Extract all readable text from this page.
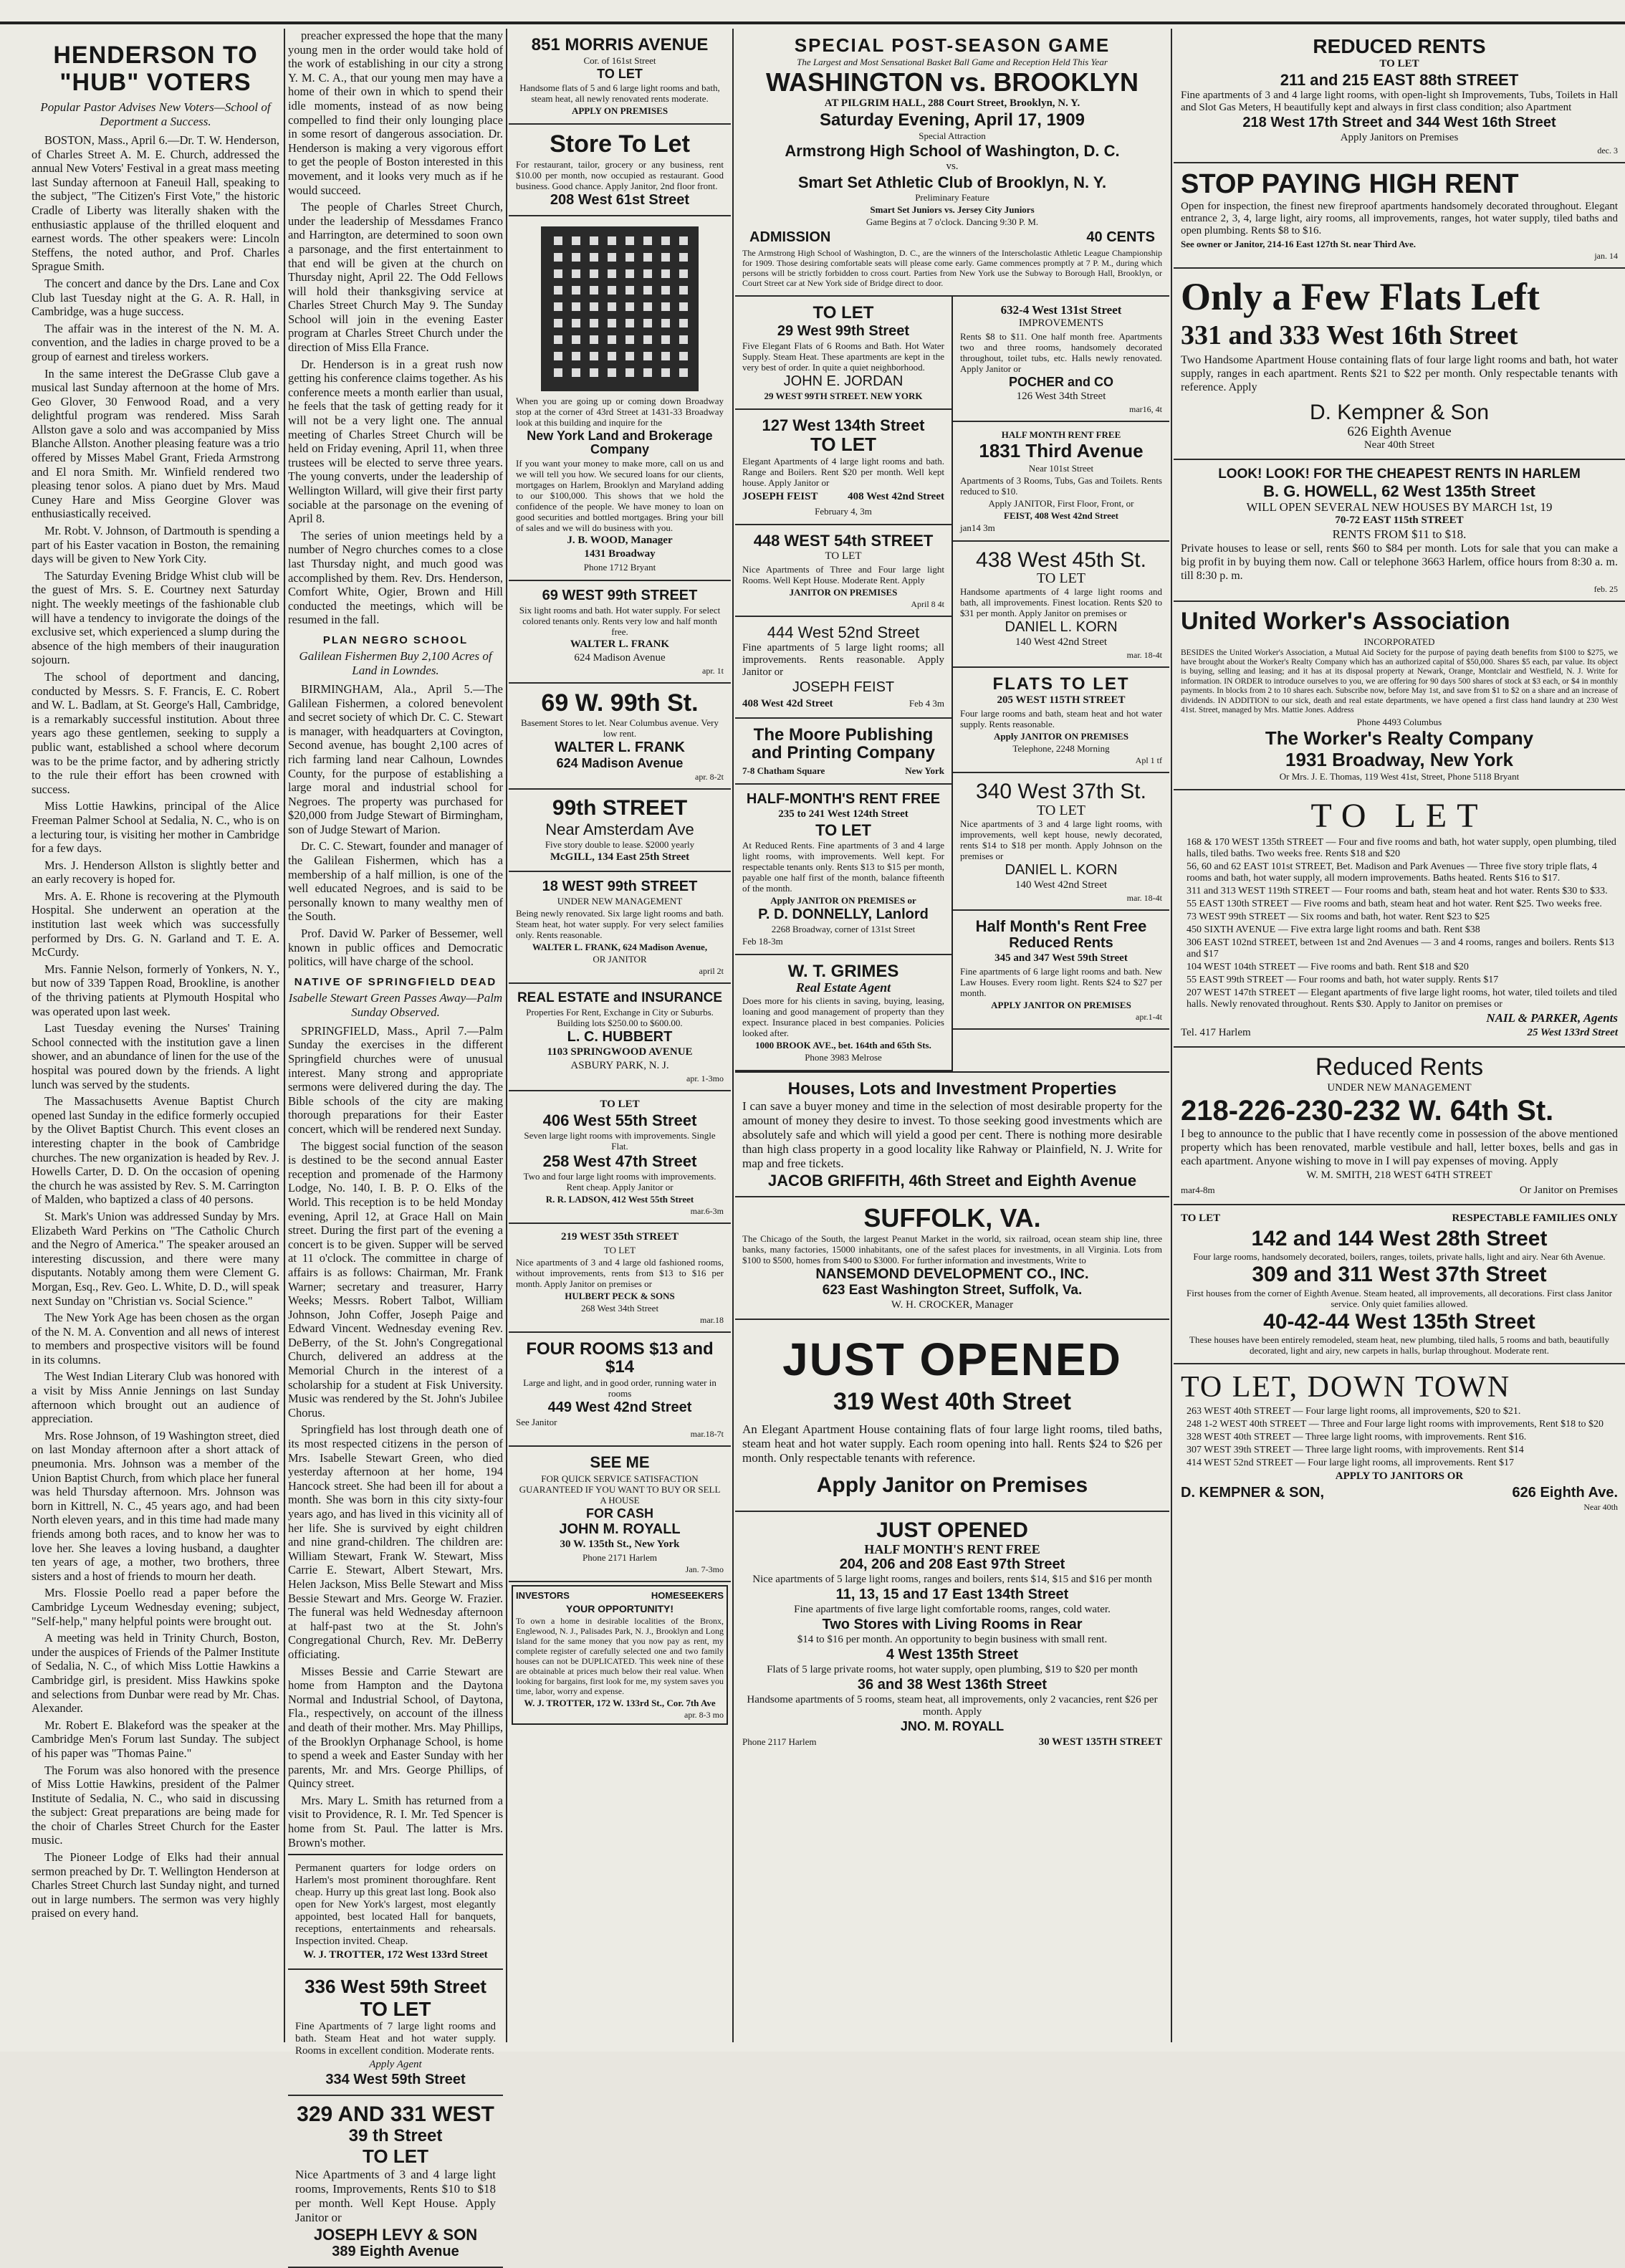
HENDERSON TO
"HUB" VOTERS
Popular Pastor Advises New Voters—School of Deportment a Success.

BOSTON, Mass., April 6.—Dr. T. W. Henderson, of Charles Street A. M. E. Church, addressed the annual New Voters' Festival in a great mass meeting last Sunday afternoon at Faneuil Hall, speaking to the subject, "The Citizen's First Vote," the historic Cradle of Liberty was literally shaken with the enthusiastic applause of the thrilled eloquent and earnest words. The other speakers were: Lincoln Steffens, the noted author, and Prof. Charles Sprague Smith.

The concert and dance by the Drs. Lane and Cox Club last Tuesday night at the G. A. R. Hall, in Cambridge, was a huge success.

The affair was in the interest of the N. M. A. convention, and the ladies in charge proved to be a group of earnest and tireless workers.

In the same interest the DeGrasse Club gave a musical last Sunday afternoon at the home of Mrs. Geo Glover, 30 Fenwood Road, and a very delightful program was rendered. Miss Sarah Allston gave a solo and was accompanied by Miss Blanche Allston. Another pleasing feature was a trio offered by Misses Mabel Grant, Frieda Armstrong and El nora Smith. Mr. Winfield rendered two pleasing tenor solos. A piano duet by Mrs. Maud Cuney Hare and Miss Georgine Glover was enthusiastically received.

Mr. Robt. V. Johnson, of Dartmouth is spending a part of his Easter vacation in Boston, the remaining days will be given to New York City.

The Saturday Evening Bridge Whist club will be the guest of Mrs. S. E. Courtney next Saturday night. The weekly meetings of the fashionable club will have a tendency to invigorate the doings of the exclusive set, which experienced a slump during the absence of the high members of their inauguration sojourn.

The school of deportment and dancing, conducted by Messrs. S. F. Francis, E. C. Robert and W. L. Badlam, at St. George's Hall, Cambridge, is a remarkably successful institution. About three years ago these gentlemen, seeking to supply a public want, established a school where decorum was to be the prime factor, and by adhering strictly to the rule their effort has been crowned with success.

Miss Lottie Hawkins, principal of the Alice Freeman Palmer School at Sedalia, N. C., who is on a lecturing tour, is visiting her mother in Cambridge for a few days.

Mrs. J. Henderson Allston is slightly better and an early recovery is hoped for.

Mrs. A. E. Rhone is recovering at the Plymouth Hospital. She underwent an operation at the institution last week which was successfully performed by Drs. G. N. Garland and T. E. A. McCurdy.

Mrs. Fannie Nelson, formerly of Yonkers, N. Y., but now of 339 Tappen Road, Brookline, is another of the thriving patients at Plymouth Hospital who was operated upon last week.

Last Tuesday evening the Nurses' Training School connected with the institution gave a linen shower, and an abundance of linen for the use of the hospital was poured down by the friends. A light lunch was served by the students.

The Massachusetts Avenue Baptist Church opened last Sunday in the edifice formerly occupied by the Olivet Baptist Church. This event closes an interesting chapter in the book of Cambridge churches. The new organization is headed by Rev. J. Howells Carter, D. D. On the occasion of opening the church he was assisted by Rev. S. M. Carrington of Malden, who baptized a class of 40 persons.

St. Mark's Union was addressed Sunday by Mrs. Elizabeth Ward Perkins on "The Catholic Church and the Negro of America." The speaker aroused an interesting discussion, and there were many disputants. Notably among them were Clement G. Morgan, Esq., Rev. Geo. L. White, D. D., will speak next Sunday on "Christian vs. Social Science."

The New York Age has been chosen as the organ of the N. M. A. Convention and all news of interest to members and prospective visitors will be found in its columns.

The West Indian Literary Club was honored with a visit by Miss Annie Jennings on last Sunday afternoon which brought out an audience of appreciation.

Mrs. Rose Johnson, of 19 Washington street, died on last Monday afternoon after a short attack of pneumonia. Mrs. Johnson was a member of the Union Baptist Church, from which place her funeral was held Thursday afternoon. Mrs. Johnson was born in Kittrell, N. C., 45 years ago, and had been North eleven years, and in this time had made many friends among both races, and to know her was to love her. She leaves a loving husband, a daughter ten years of age, a mother, two brothers, three sisters and a host of friends to mourn her death.

Mrs. Flossie Poello read a paper before the Cambridge Lyceum Wednesday evening; subject, "Self-help," many helpful points were brought out.

A meeting was held in Trinity Church, Boston, under the auspices of Friends of the Palmer Institute of Sedalia, N. C., of which Miss Lottie Hawkins a Cambridge girl, is president. Miss Hawkins spoke and selections from Dunbar were read by Mr. Chas. Alexander.

Mr. Robert E. Blakeford was the speaker at the Cambridge Men's Forum last Sunday. The subject of his paper was "Thomas Paine."

The Forum was also honored with the presence of Miss Lottie Hawkins, president of the Palmer Institute of Sedalia, N. C., who said in discussing the subject: Great preparations are being made for the choir of Charles Street Church for the Easter music.

The Pioneer Lodge of Elks had their annual sermon preached by Dr. T. Wellington Henderson at Charles Street Church last Sunday night, and turned out in large numbers. The sermon was very highly praised on every hand.

preacher expressed the hope that the many young men in the order would take hold of the work of establishing in our city a strong Y. M. C. A., that our young men may have a home of their own in which to spend their idle moments, instead of as now being compelled to find their only lounging place in some resort of dangerous association. Dr. Henderson is making a very vigorous effort to get the people of Boston interested in this movement, and it looks very much as if he would succeed.

The people of Charles Street Church, under the leadership of Messdames Franco and Harrington, are determined to soon own a parsonage, and the first entertainment to that end will be given at the church on Thursday night, April 22. The Odd Fellows will hold their thanksgiving service at Charles Street Church May 9. The Sunday School will join in the evening Easter program at Charles Street Church under the direction of Miss Ella France.

Dr. Henderson is in a great rush now getting his conference claims together. As his conference meets a month earlier than usual, he feels that the task of getting ready for it will not be a very light one. The annual meeting of Charles Street Church will be held on Friday evening, April 11, when three trustees will be elected to serve three years. The young converts, under the leadership of Wellington Willard, will give their first party sociable at the parsonage on the evening of April 8.

The series of union meetings held by a number of Negro churches comes to a close last Thursday night, and much good was accomplished by them. Rev. Drs. Henderson, Comfort White, Ogier, Brown and Hill conducted the meetings, which will be resumed in the fall.

PLAN NEGRO SCHOOL
Galilean Fishermen Buy 2,100 Acres of Land in Lowndes.

BIRMINGHAM, Ala., April 5.—The Galilean Fishermen, a colored benevolent and secret society of which Dr. C. C. Stewart is manager, with headquarters at Covington, Second avenue, has bought 2,100 acres of rich farming land near Calhoun, Lowndes County, for the purpose of establishing a large moral and industrial school for Negroes. The property was purchased for $20,000 from Judge Stewart of Birmingham, son of Judge Stewart of Marion.

Dr. C. C. Stewart, founder and manager of the Galilean Fishermen, which has a membership of a half million, is one of the well educated Negroes, and is said to be personally known to many wealthy men of the South.

Prof. David W. Parker of Bessemer, well known in public offices and Democratic politics, will have charge of the school.

NATIVE OF SPRINGFIELD DEAD
Isabelle Stewart Green Passes Away—Palm Sunday Observed.

SPRINGFIELD, Mass., April 7.—Palm Sunday the exercises in the different Springfield churches were of unusual interest. Many strong and appropriate sermons were delivered during the day. The Bible schools of the city are making thorough preparations for their Easter concert, which will be rendered next Sunday.

The biggest social function of the season is destined to be the second annual Easter reception and promenade of the Harmony Lodge, No. 140, I. B. P. O. Elks of the World. This reception is to be held Monday evening, April 12, at Grace Hall on Main street. During the first part of the evening a concert is to be given. Supper will be served at 11 o'clock. The committee in charge of affairs is as follows: Chairman, Mr. Frank Warner; secretary and treasurer, Harry Weeks; Messrs. Robert Talbot, William Johnson, John Coffer, Joseph Paige and Edward Vincent. Wednesday evening Rev. DeBerry, of the St. John's Congregational Church, delivered an address at the Memorial Church in the interest of a scholarship for a student at Fisk University. Music was rendered by the St. John's Jubilee Chorus.

Springfield has lost through death one of its most respected citizens in the person of Mrs. Isabelle Stewart Green, who died yesterday afternoon at her home, 194 Hancock street. She had been ill for about a month. She was born in this city sixty-four years ago, and has lived in this vicinity all of her life. She is survived by eight children and nine grand-children. The children are: William Stewart, Frank W. Stewart, Miss Carrie E. Stewart, Albert Stewart, Mrs. Helen Jackson, Miss Belle Stewart and Miss Bessie Stewart and Mrs. George W. Frazier. The funeral was held Wednesday afternoon at half-past two at the St. John's Congregational Church, Rev. Mr. DeBerry officiating.

Misses Bessie and Carrie Stewart are home from Hampton and the Daytona Normal and Industrial School, of Daytona, Fla., respectively, on account of the illness and death of their mother. Mrs. May Phillips, of the Brooklyn Orphanage School, is home to spend a week and Easter Sunday with her parents, Mr. and Mrs. George Phillips, of Quincy street.

Mrs. Mary L. Smith has returned from a visit to Providence, R. I. Mr. Ted Spencer is home from St. Paul. The latter is Mrs. Brown's mother.

Permanent quarters for lodge orders on Harlem's most prominent thoroughfare. Rent cheap. Hurry up this great last long. Book also open for New York's largest, most elegantly appointed, best located Hall for banquets, receptions, entertainments and rehearsals. Inspection invited. Cheap.
W. J. TROTTER, 172 West 133rd Street
336 West 59th Street
TO LET
Fine Apartments of 7 large light rooms and bath. Steam Heat and hot water supply. Rooms in excellent condition. Moderate rents.
Apply Agent
334 West 59th Street
329 AND 331 WEST
39 th Street
TO LET
Nice Apartments of 3 and 4 large light rooms, Improvements, Rents $10 to $18 per month. Well Kept House. Apply Janitor or
JOSEPH LEVY & SON
389 Eighth Avenue
851 MORRIS AVENUE
Cor. of 161st Street
TO LET
Handsome flats of 5 and 6 large light rooms and bath, steam heat, all newly renovated rents moderate.
APPLY ON PREMISES
Store To Let
For restaurant, tailor, grocery or any business, rent $10.00 per month, now occupied as restaurant. Good business. Good chance. Apply Janitor, 2nd floor front.
208 West 61st Street
When you are going up or coming down Broadway stop at the corner of 43rd Street at 1431-33 Broadway look at this building and inquire for the
New York Land and Brokerage Company
If you want your money to make more, call on us and we will tell you how. We secured loans for our clients, mortgages on Harlem, Brooklyn and Maryland adding to our $100,000. This shows that we hold the confidence of the people. We have money to loan on good securities and bottled mortgages. Bring your bill of sales and we will do business with you.
J. B. WOOD, Manager
1431 Broadway
Phone 1712 Bryant
69 WEST 99th STREET
Six light rooms and bath. Hot water supply. For select colored tenants only. Rents very low and half month free.
WALTER L. FRANK
624 Madison Avenue
apr. 1t
69 W. 99th St.
Basement Stores to let. Near Columbus avenue. Very low rent.
WALTER L. FRANK
624 Madison Avenue
apr. 8-2t
99th STREET
Near Amsterdam Ave
Five story double to lease. $2000 yearly
McGILL, 134 East 25th Street
18 WEST 99th STREET
UNDER NEW MANAGEMENT
Being newly renovated. Six large light rooms and bath. Steam heat, hot water supply. For very select families only. Rents reasonable.
WALTER L. FRANK, 624 Madison Avenue,
OR JANITOR
april 2t
REAL ESTATE and INSURANCE
Properties For Rent, Exchange in City or Suburbs. Building lots $250.00 to $600.00.
L. C. HUBBERT
1103 SPRINGWOOD AVENUE
ASBURY PARK, N. J.
apr. 1-3mo
TO LET
406 West 55th Street
Seven large light rooms with improvements. Single Flat.
258 West 47th Street
Two and four large light rooms with improvements. Rent cheap. Apply Janitor or
R. R. LADSON, 412 West 55th Street
mar.6-3m
219 WEST 35th STREET
TO LET
Nice apartments of 3 and 4 large old fashioned rooms, without improvements, rents from $13 to $16 per month. Apply Janitor on premises or
HULBERT PECK & SONS
268 West 34th Street
mar.18
FOUR ROOMS $13 and $14
Large and light, and in good order, running water in rooms
449 West 42nd Street
See Janitor
mar.18-7t
SEE ME
FOR QUICK SERVICE SATISFACTION GUARANTEED IF YOU WANT TO BUY OR SELL A HOUSE
FOR CASH
JOHN M. ROYALL
30 W. 135th St., New York
Phone 2171 Harlem
Jan. 7-3mo
INVESTORS	HOMESEEKERS
YOUR OPPORTUNITY!
To own a home in desirable localities of the Bronx, Englewood, N. J., Palisades Park, N. J., Brooklyn and Long Island for the same money that you now pay as rent, my complete register of carefully selected one and two family houses can not be DUPLICATED. This week nine of these are obtainable at prices much below their real value. When looking for bargains, first look for me, my system saves you time, labor, worry and expense.
W. J. TROTTER, 172 W. 133rd St., Cor. 7th Ave
apr. 8-3 mo
SPECIAL POST-SEASON GAME
The Largest and Most Sensational Basket Ball Game and Reception Held This Year
WASHINGTON vs. BROOKLYN
AT PILGRIM HALL, 288 Court Street, Brooklyn, N. Y.
Saturday Evening, April 17, 1909
Special Attraction
Armstrong High School of Washington, D. C.
vs.
Smart Set Athletic Club of Brooklyn, N. Y.
Preliminary Feature
Smart Set Juniors vs. Jersey City Juniors
Game Begins at 7 o'clock. Dancing 9:30 P. M.
ADMISSION	40 CENTS
The Armstrong High School of Washington, D. C., are the winners of the Interscholastic Athletic League Championship for 1909. Those desiring comfortable seats will please come early. Game commences promptly at 7 P. M., during which persons will be strictly forbidden to cross court. Parties from New York use the Subway to Borough Hall, Brooklyn, or Court Street car at New York side of Bridge direct to door.
TO LET
29 West 99th Street
Five Elegant Flats of 6 Rooms and Bath. Hot Water Supply. Steam Heat. These apartments are kept in the very best of order. In quite a quiet neighborhood.
JOHN E. JORDAN
29 WEST 99TH STREET. NEW YORK
127 West 134th Street
TO LET
Elegant Apartments of 4 large light rooms and bath. Range and Boilers. Rent $20 per month. Well kept house. Apply Janitor or
JOSEPH FEIST	408 West 42nd Street
February 4, 3m
448 WEST 54th STREET
TO LET
Nice Apartments of Three and Four large light Rooms. Well Kept House. Moderate Rent. Apply
JANITOR ON PREMISES
April 8 4t
444 West 52nd Street
Fine apartments of 5 large light rooms; all improvements. Rents reasonable. Apply Janitor or
JOSEPH FEIST
408 West 42d Street	Feb 4 3m
The Moore Publishing and Printing Company
7-8 Chatham Square	New York
HALF-MONTH'S RENT FREE
235 to 241 West 124th Street
TO LET
At Reduced Rents. Fine apartments of 3 and 4 large light rooms, with improvements. Well kept. For respectable tenants only. Rents $13 to $15 per month, payable one half first of the month, balance fifteenth of the month.
Apply JANITOR ON PREMISES or
P. D. DONNELLY, Lanlord
2268 Broadway, corner of 131st Street
Feb 18-3m
W. T. GRIMES
Real Estate Agent
Does more for his clients in saving, buying, leasing, loaning and good management of property than they expect. Insurance placed in best companies. Policies looked after.
1000 BROOK AVE., bet. 164th and 65th Sts.
Phone 3983 Melrose
632-4 West 131st Street
IMPROVEMENTS
Rents $8 to $11. One half month free. Apartments two and three rooms, handsomely decorated throughout, toilet tubs, etc. Halls newly renovated. Apply Janitor or
POCHER and CO
126 West 34th Street
mar16, 4t
HALF MONTH RENT FREE
1831 Third Avenue
Near 101st Street
Apartments of 3 Rooms, Tubs, Gas and Toilets. Rents reduced to $10.
Apply JANITOR, First Floor, Front, or
FEIST, 408 West 42nd Street
jan14 3m
438 West 45th St.
TO LET
Handsome apartments of 4 large light rooms and bath, all improvements. Finest location. Rents $20 to $31 per month. Apply Janitor on premises or
DANIEL L. KORN
140 West 42nd Street
mar. 18-4t
FLATS TO LET
205 WEST 115TH STREET
Four large rooms and bath, steam heat and hot water supply. Rents reasonable.
Apply JANITOR ON PREMISES
Telephone, 2248 Morning
Apl 1 tf
340 West 37th St.
TO LET
Nice apartments of 3 and 4 large light rooms, with improvements, well kept house, newly decorated, rents $14 to $18 per month. Apply Johnson on the premises or
DANIEL L. KORN
140 West 42nd Street
mar. 18-4t
Half Month's Rent Free
Reduced Rents
345 and 347 West 59th Street
Fine apartments of 6 large light rooms and bath. New Law Houses. Every room light. Rents $24 to $27 per month.
APPLY JANITOR ON PREMISES
apr.1-4t
Houses, Lots and Investment Properties
I can save a buyer money and time in the selection of most desirable property for the amount of money they desire to invest. To those seeking good investments which are absolutely safe and which will yield a good per cent. There is nothing more desirable than high class property in a good locality like Rahway or Plainfield, N. J. Write for map and free tickets.
JACOB GRIFFITH, 46th Street and Eighth Avenue
SUFFOLK, VA.
The Chicago of the South, the largest Peanut Market in the world, six railroad, ocean steam ship line, three banks, many factories, 15000 inhabitants, one of the safest places for investments, in all Virginia. Lots from $100 to $500, homes from $400 to $3000. For further information and investments, Write to
NANSEMOND DEVELOPMENT CO., INC.
623 East Washington Street, Suffolk, Va.
W. H. CROCKER, Manager
JUST OPENED
319 West 40th Street
An Elegant Apartment House containing flats of four large light rooms, tiled baths, steam heat and hot water supply. Each room opening into hall. Rents $24 to $26 per month. Only respectable tenants with reference.
Apply Janitor on Premises
JUST OPENED
HALF MONTH'S RENT FREE
204, 206 and 208 East 97th Street
Nice apartments of 5 large light rooms, ranges and boilers, rents $14, $15 and $16 per month
11, 13, 15 and 17 East 134th Street
Fine apartments of five large light comfortable rooms, ranges, cold water.
Two Stores with Living Rooms in Rear
$14 to $16 per month. An opportunity to begin business with small rent.
4 West 135th Street
Flats of 5 large private rooms, hot water supply, open plumbing, $19 to $20 per month
36 and 38 West 136th Street
Handsome apartments of 5 rooms, steam heat, all improvements, only 2 vacancies, rent $26 per month. Apply
JNO. M. ROYALL
Phone 2117 Harlem	30 WEST 135TH STREET
REDUCED RENTS
TO LET
211 and 215 EAST 88th STREET
Fine apartments of 3 and 4 large light rooms, with open-light sh Improvements, Tubs, Toilets in Hall and Slot Gas Meters, H beautifully kept and always in first class condition; also Apartment
218 West 17th Street and 344 West 16th Street
Apply Janitors on Premises
dec. 3
STOP PAYING HIGH RENT
Open for inspection, the finest new fireproof apartments handsomely decorated throughout. Elegant entrance 2, 3, 4, large light, airy rooms, all improvements, ranges, hot water supply, tiled baths and open plumbing. Rents $8 to $16.
See owner or Janitor, 214-16 East 127th St. near Third Ave.
jan. 14
Only a Few Flats Left
331 and 333 West 16th Street
Two Handsome Apartment House containing flats of four large light rooms and bath, hot water supply, ranges in each apartment. Rents $21 to $22 per month. Only respectable tenants with reference. Apply
D. Kempner & Son
626 Eighth Avenue
Near 40th Street
LOOK! LOOK! FOR THE CHEAPEST RENTS IN HARLEM
B. G. HOWELL, 62 West 135th Street
WILL OPEN SEVERAL NEW HOUSES BY MARCH 1st, 19
70-72 EAST 115th STREET
RENTS FROM $11 to $18.
Private houses to lease or sell, rents $60 to $84 per month. Lots for sale that you can make a big profit in by buying them now. Call or telephone 3663 Harlem, office hours from 8:30 a. m. till 8:30 p. m.
feb. 25
United Worker's Association
INCORPORATED
BESIDES the United Worker's Association, a Mutual Aid Society for the purpose of paying death benefits from $100 to $275, we have brought about the Worker's Realty Company which has an authorized capital of $50,000. Shares $5 each, par value. Its object is buying, selling and leasing; and it has at its disposal property at Newark, Orange, Montclair and Westfield, N. J. Write for information. IN ORDER to introduce ourselves to you, we are offering for 90 days 500 shares of stock at $3 each, or $4 in monthly payments. In blocks from 2 to 10 shares each. Subscribe now, before May 1st, and save from $1 to $2 on a share and an increase of dividends. IN ADDITION to our sick, death and real estate departments, we have opened a first class hand laundry at 230 West 41st. Street, managed by Mrs. Mattie Jones. Address
Phone 4493 Columbus
The Worker's Realty Company
1931 Broadway, New York
Or Mrs. J. E. Thomas, 119 West 41st, Street, Phone 5118 Bryant
TO LET
168 & 170 WEST 135th STREET — Four and five rooms and bath, hot water supply, open plumbing, tiled halls, tiled baths. Two weeks free. Rents $18 and $20
56, 60 and 62 EAST 101st STREET, Bet. Madison and Park Avenues — Three five story triple flats, 4 rooms and bath, hot water supply, all modern improvements. Baths heated. Rents $16 to $17.
311 and 313 WEST 119th STREET — Four rooms and bath, steam heat and hot water. Rents $30 to $33.
55 EAST 130th STREET — Five rooms and bath, steam heat and hot water. Rent $25. Two weeks free.
73 WEST 99th STREET — Six rooms and bath, hot water. Rent $23 to $25
450 SIXTH AVENUE — Five extra large light rooms and bath. Rent $38
306 EAST 102nd STREET, between 1st and 2nd Avenues — 3 and 4 rooms, ranges and boilers. Rents $13 and $17
104 WEST 104th STREET — Five rooms and bath. Rent $18 and $20
55 EAST 99th STREET — Four rooms and bath, hot water supply. Rents $17
207 WEST 147th STREET — Elegant apartments of five large light rooms, hot water, tiled toilets and tiled halls. Newly renovated throughout. Rents $30. Apply to Janitor on premises or
NAIL & PARKER, Agents
Tel. 417 Harlem	25 West 133rd Street
Reduced Rents
UNDER NEW MANAGEMENT
218-226-230-232 W. 64th St.
I beg to announce to the public that I have recently come in possession of the above mentioned property which has been renovated, marble vestibule and hall, letter boxes, bells and gas in each apartment. Anyone wishing to move in I will pay expenses of moving. Apply
W. M. SMITH, 218 WEST 64TH STREET
mar4-8m	Or Janitor on Premises
TO LET	RESPECTABLE FAMILIES ONLY
142 and 144 West 28th Street
Four large rooms, handsomely decorated, boilers, ranges, toilets, private halls, light and airy. Near 6th Avenue.
309 and 311 West 37th Street
First houses from the corner of Eighth Avenue. Steam heated, all improvements, all decorations. First class Janitor service. Only quiet families allowed.
40-42-44 West 135th Street
These houses have been entirely remodeled, steam heat, new plumbing, tiled halls, 5 rooms and bath, beautifully decorated, light and airy, new carpets in halls, burlap throughout. Moderate rent.
TO LET, DOWN TOWN
263 WEST 40th STREET — Four large light rooms, all improvements, $20 to $21.
248 1-2 WEST 40th STREET — Three and Four large light rooms with improvements, Rent $18 to $20
328 WEST 40th STREET — Three large light rooms, with improvements. Rent $16.
307 WEST 39th STREET — Three large light rooms, with improvements. Rent $14
414 WEST 52nd STREET — Four large light rooms, all improvements. Rent $17
APPLY TO JANITORS OR
D. KEMPNER & SON,	626 Eighth Ave.
Near 40th
